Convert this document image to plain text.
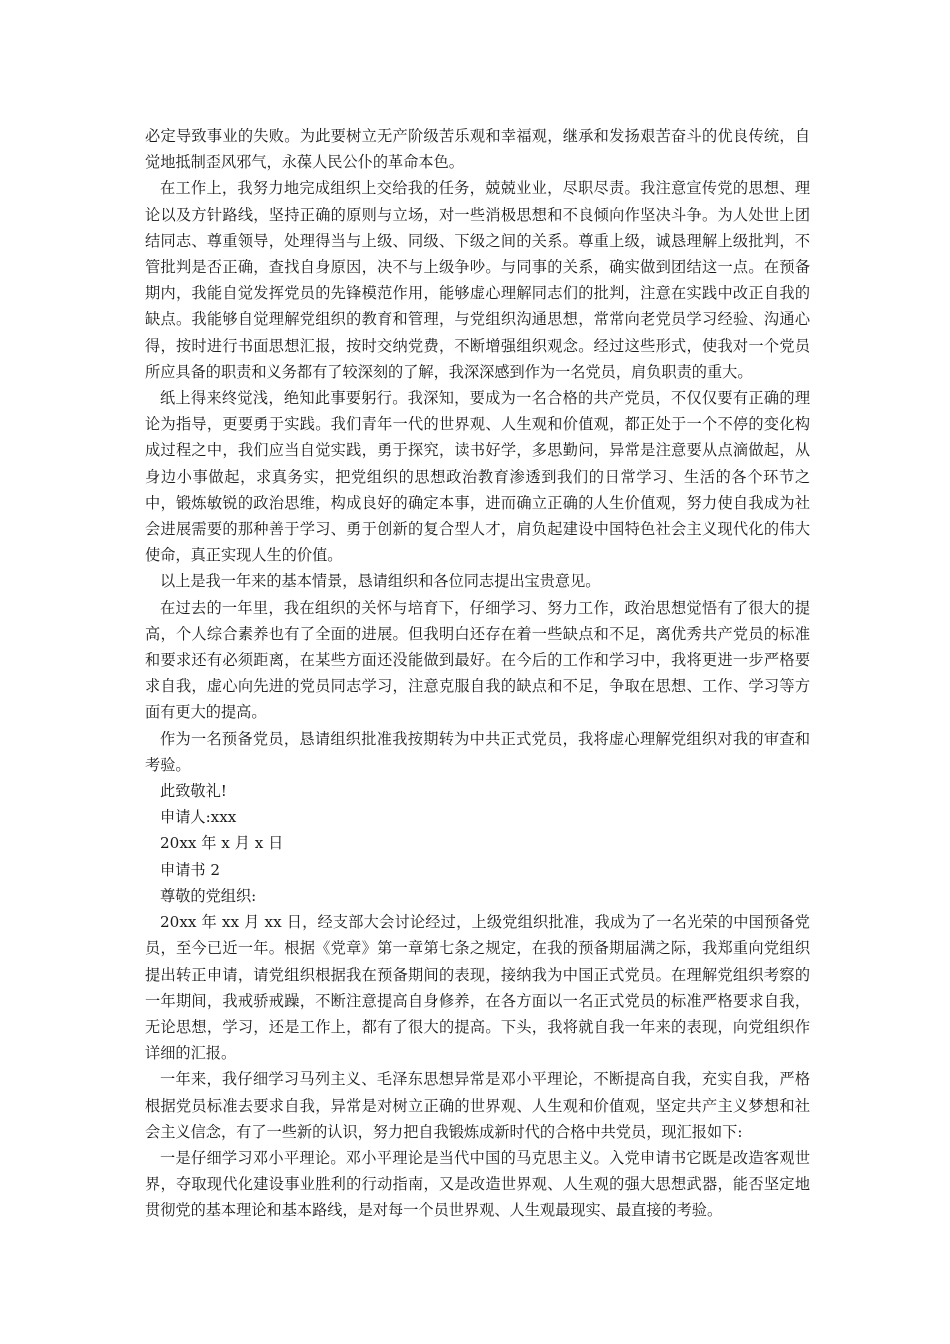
必定导致事业的失败。为此要树立无产阶级苦乐观和幸福观，继承和发扬艰苦奋斗的优良传统，自觉地抵制歪风邪气，永葆人民公仆的革命本色。

在工作上，我努力地完成组织上交给我的任务，兢兢业业，尽职尽责。我注意宣传党的思想、理论以及方针路线，坚持正确的原则与立场，对一些消极思想和不良倾向作坚决斗争。为人处世上团结同志、尊重领导，处理得当与上级、同级、下级之间的关系。尊重上级，诚恳理解上级批判，不管批判是否正确，查找自身原因，决不与上级争吵。与同事的关系，确实做到团结这一点。在预备期内，我能自觉发挥党员的先锋模范作用，能够虚心理解同志们的批判，注意在实践中改正自我的缺点。我能够自觉理解党组织的教育和管理，与党组织沟通思想，常常向老党员学习经验、沟通心得，按时进行书面思想汇报，按时交纳党费，不断增强组织观念。经过这些形式，使我对一个党员所应具备的职责和义务都有了较深刻的了解，我深深感到作为一名党员，肩负职责的重大。

纸上得来终觉浅，绝知此事要躬行。我深知，要成为一名合格的共产党员，不仅仅要有正确的理论为指导，更要勇于实践。我们青年一代的世界观、人生观和价值观，都正处于一个不停的变化构成过程之中，我们应当自觉实践，勇于探究，读书好学，多思勤问，异常是注意要从点滴做起，从身边小事做起，求真务实，把党组织的思想政治教育渗透到我们的日常学习、生活的各个环节之中，锻炼敏锐的政治思维，构成良好的确定本事，进而确立正确的人生价值观，努力使自我成为社会进展需要的那种善于学习、勇于创新的复合型人才，肩负起建设中国特色社会主义现代化的伟大使命，真正实现人生的价值。

以上是我一年来的基本情景，恳请组织和各位同志提出宝贵意见。

在过去的一年里，我在组织的关怀与培育下，仔细学习、努力工作，政治思想觉悟有了很大的提高，个人综合素养也有了全面的进展。但我明白还存在着一些缺点和不足，离优秀共产党员的标准和要求还有必须距离，在某些方面还没能做到最好。在今后的工作和学习中，我将更进一步严格要求自我，虚心向先进的党员同志学习，注意克服自我的缺点和不足，争取在思想、工作、学习等方面有更大的提高。

作为一名预备党员，恳请组织批准我按期转为中共正式党员，我将虚心理解党组织对我的审查和考验。

此致敬礼!

申请人:xxx

20xx 年 x 月 x 日

申请书 2

尊敬的党组织:

20xx 年 xx 月 xx 日，经支部大会讨论经过，上级党组织批准，我成为了一名光荣的中国预备党员，至今已近一年。根据《党章》第一章第七条之规定，在我的预备期届满之际，我郑重向党组织提出转正申请，请党组织根据我在预备期间的表现，接纳我为中国正式党员。在理解党组织考察的一年期间，我戒骄戒躁，不断注意提高自身修养，在各方面以一名正式党员的标准严格要求自我，无论思想，学习，还是工作上，都有了很大的提高。下头，我将就自我一年来的表现，向党组织作详细的汇报。

一年来，我仔细学习马列主义、毛泽东思想异常是邓小平理论，不断提高自我，充实自我，严格根据党员标准去要求自我，异常是对树立正确的世界观、人生观和价值观，坚定共产主义梦想和社会主义信念，有了一些新的认识，努力把自我锻炼成新时代的合格中共党员，现汇报如下:

一是仔细学习邓小平理论。邓小平理论是当代中国的马克思主义。入党申请书它既是改造客观世界，夺取现代化建设事业胜利的行动指南，又是改造世界观、人生观的强大思想武器，能否坚定地贯彻党的基本理论和基本路线，是对每一个员世界观、人生观最现实、最直接的考验。
